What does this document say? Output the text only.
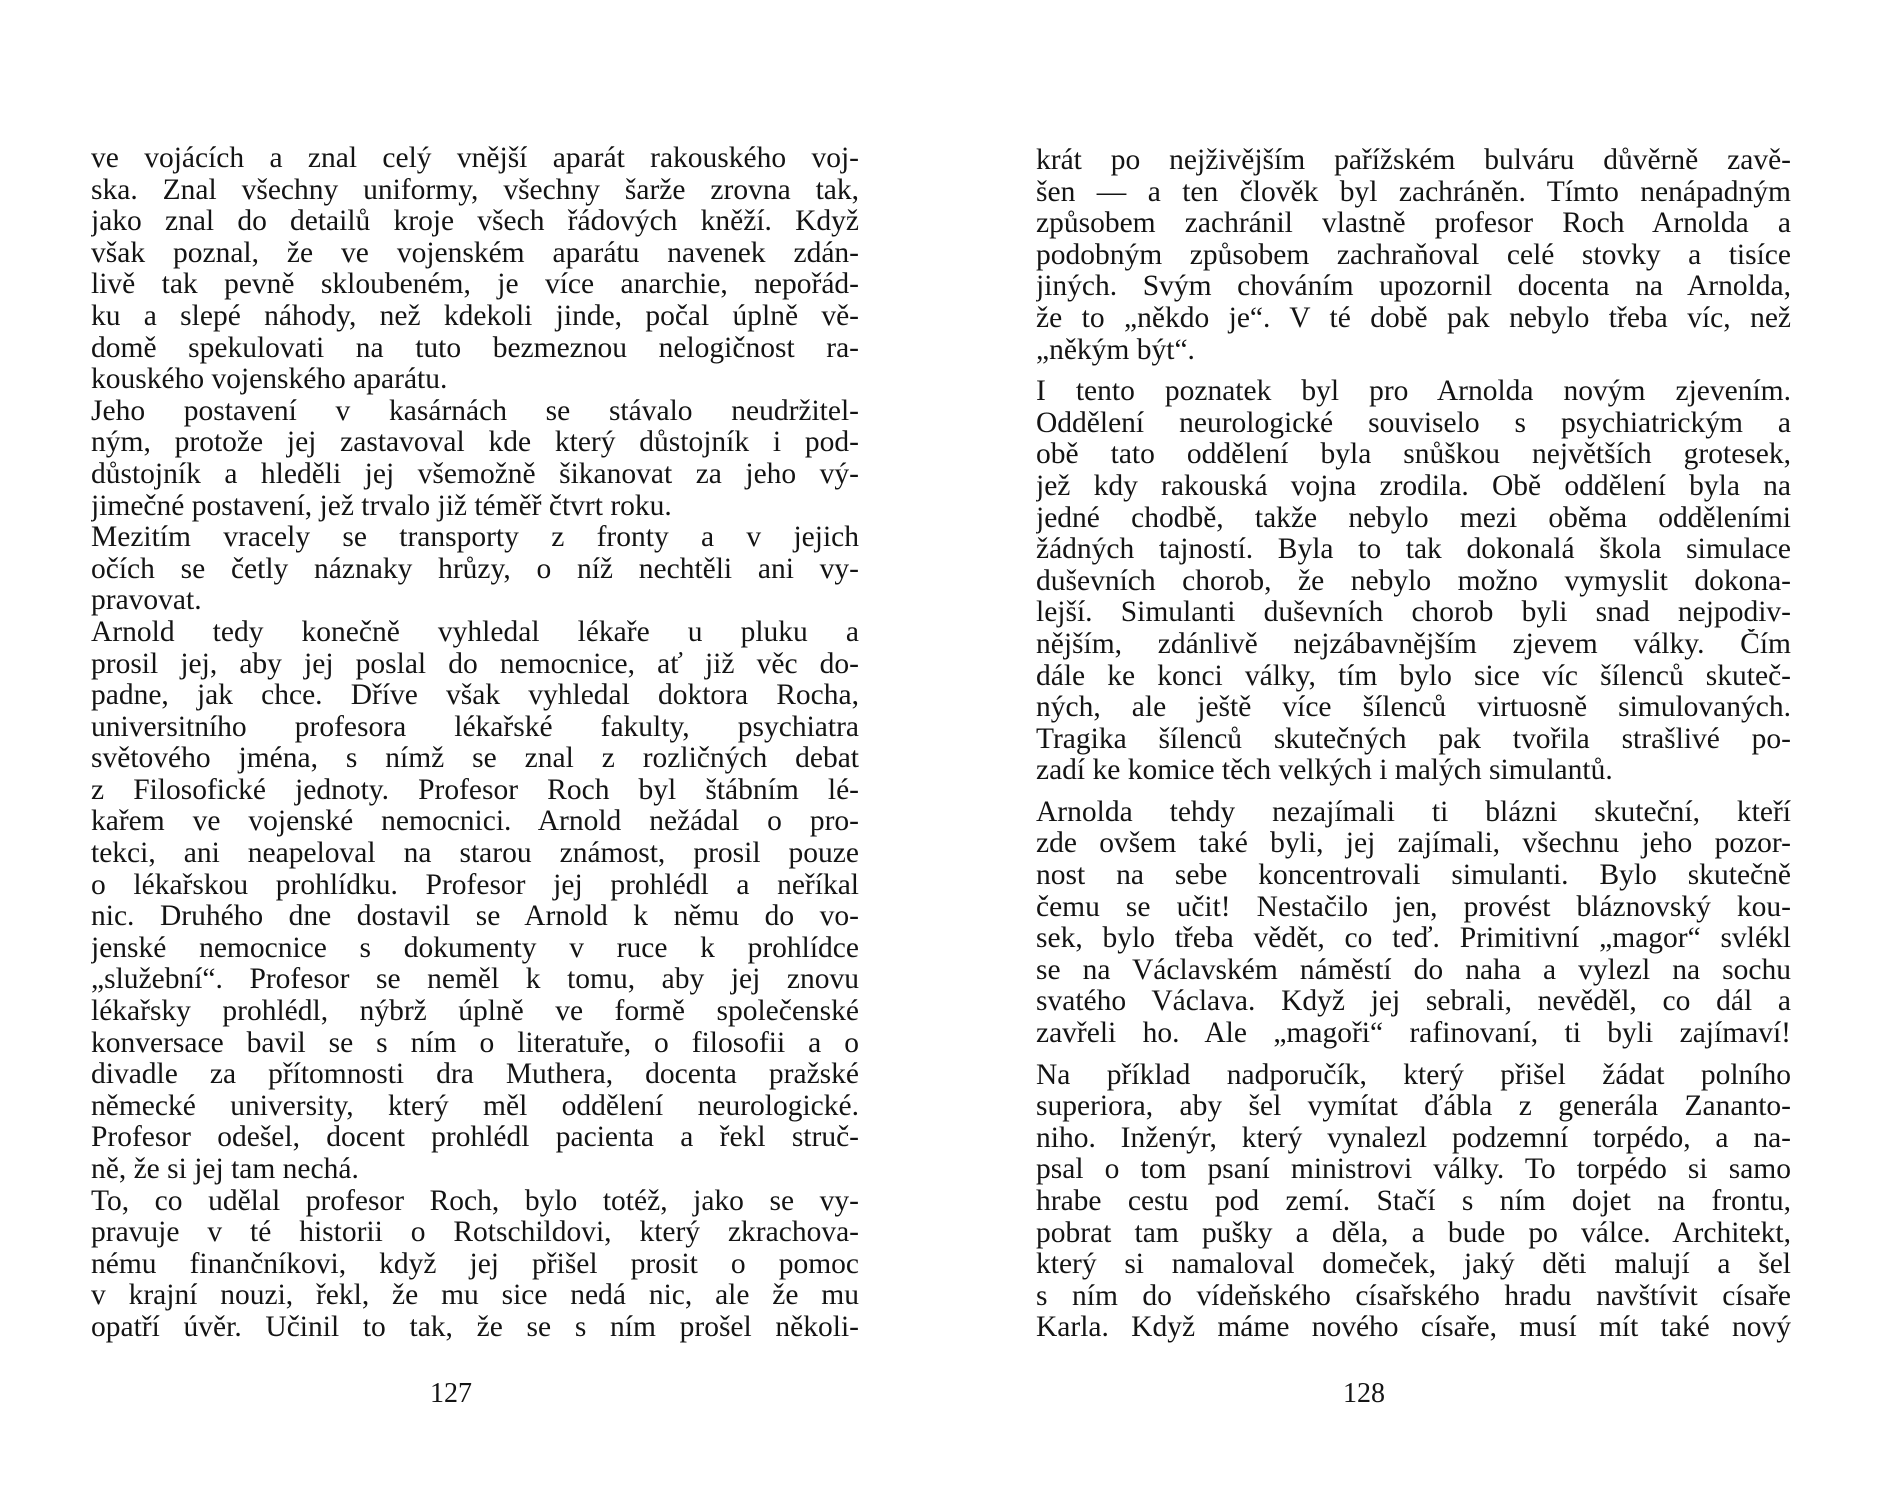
ve vojácích a znal celý vnější aparát rakouského voj-
ska. Znal všechny uniformy, všechny šarže zrovna tak,
jako znal do detailů kroje všech řádových kněží. Když
však poznal, že ve vojenském aparátu navenek zdán-
livě tak pevně skloubeném, je více anarchie, nepořád-
ku a slepé náhody, než kdekoli jinde, počal úplně vě-
domě spekulovati na tuto bezmeznou nelogičnost ra-
kouského vojenského aparátu.
Jeho postavení v kasárnách se stávalo neudržitel-
ným, protože jej zastavoval kde který důstojník i pod-
důstojník a hleděli jej všemožně šikanovat za jeho vý-
jimečné postavení, jež trvalo již téměř čtvrt roku.
Mezitím vracely se transporty z fronty a v jejich
očích se četly náznaky hrůzy, o níž nechtěli ani vy-
pravovat.
Arnold tedy konečně vyhledal lékaře u pluku a
prosil jej, aby jej poslal do nemocnice, ať již věc do-
padne, jak chce. Dříve však vyhledal doktora Rocha,
universitního profesora lékařské fakulty, psychiatra
světového jména, s nímž se znal z rozličných debat
z Filosofické jednoty. Profesor Roch byl štábním lé-
kařem ve vojenské nemocnici. Arnold nežádal o pro-
tekci, ani neapeloval na starou známost, prosil pouze
o lékařskou prohlídku. Profesor jej prohlédl a neříkal
nic. Druhého dne dostavil se Arnold k němu do vo-
jenské nemocnice s dokumenty v ruce k prohlídce
„služební“. Profesor se neměl k tomu, aby jej znovu
lékařsky prohlédl, nýbrž úplně ve formě společenské
konversace bavil se s ním o literatuře, o filosofii a o
divadle za přítomnosti dra Muthera, docenta pražské
německé university, který měl oddělení neurologické.
Profesor odešel, docent prohlédl pacienta a řekl struč-
ně, že si jej tam nechá.
To, co udělal profesor Roch, bylo totéž, jako se vy-
pravuje v té historii o Rotschildovi, který zkrachova-
nému finančníkovi, když jej přišel prosit o pomoc
v krajní nouzi, řekl, že mu sice nedá nic, ale že mu
opatří úvěr. Učinil to tak, že se s ním prošel několi-
127
krát po nejživějším pařížském bulváru důvěrně zavě-
šen — a ten člověk byl zachráněn. Tímto nenápadným
způsobem zachránil vlastně profesor Roch Arnolda a
podobným způsobem zachraňoval celé stovky a tisíce
jiných. Svým chováním upozornil docenta na Arnolda,
že to „někdo je“. V té době pak nebylo třeba víc, než
„někým být“.
I tento poznatek byl pro Arnolda novým zjevením.
Oddělení neurologické souviselo s psychiatrickým a
obě tato oddělení byla snůškou největších grotesek,
jež kdy rakouská vojna zrodila. Obě oddělení byla na
jedné chodbě, takže nebylo mezi oběma odděleními
žádných tajností. Byla to tak dokonalá škola simulace
duševních chorob, že nebylo možno vymyslit dokona-
lejší. Simulanti duševních chorob byli snad nejpodiv-
nějším, zdánlivě nejzábavnějším zjevem války. Čím
dále ke konci války, tím bylo sice víc šílenců skuteč-
ných, ale ještě více šílenců virtuosně simulovaných.
Tragika šílenců skutečných pak tvořila strašlivé po-
zadí ke komice těch velkých i malých simulantů.
Arnolda tehdy nezajímali ti blázni skuteční, kteří
zde ovšem také byli, jej zajímali, všechnu jeho pozor-
nost na sebe koncentrovali simulanti. Bylo skutečně
čemu se učit! Nestačilo jen, provést bláznovský kou-
sek, bylo třeba vědět, co teď. Primitivní „magor“ svlékl
se na Václavském náměstí do naha a vylezl na sochu
svatého Václava. Když jej sebrali, nevěděl, co dál a
zavřeli ho. Ale „magoři“ rafinovaní, ti byli zajímaví!
Na příklad nadporučík, který přišel žádat polního
superiora, aby šel vymítat ďábla z generála Zananto-
niho. Inženýr, který vynalezl podzemní torpédo, a na-
psal o tom psaní ministrovi války. To torpédo si samo
hrabe cestu pod zemí. Stačí s ním dojet na frontu,
pobrat tam pušky a děla, a bude po válce. Architekt,
který si namaloval domeček, jaký děti malují a šel
s ním do vídeňského císařského hradu navštívit císaře
Karla. Když máme nového císaře, musí mít také nový
128
